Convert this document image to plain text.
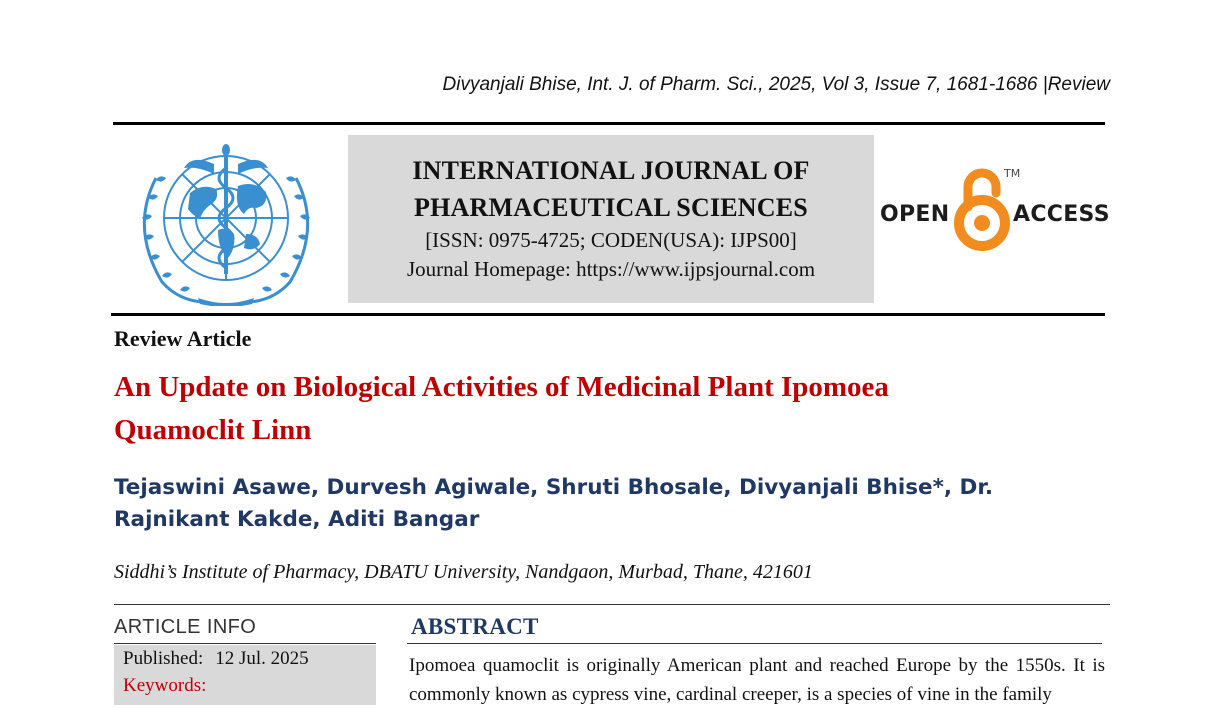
Divyanjali Bhise, Int. J. of Pharm. Sci., 2025, Vol 3, Issue 7, 1681-1686 |Review
INTERNATIONAL JOURNAL OF
PHARMACEUTICAL SCIENCES
[ISSN: 0975-4725; CODEN(USA): IJPS00]
Journal Homepage: https://www.ijpsjournal.com
OPEN
TM
ACCESS
Review Article
An Update on Biological Activities of Medicinal Plant Ipomoea Quamoclit Linn
Tejaswini Asawe, Durvesh Agiwale, Shruti Bhosale, Divyanjali Bhise*, Dr. Rajnikant Kakde, Aditi Bangar
Siddhi’s Institute of Pharmacy, DBATU University, Nandgaon, Murbad, Thane, 421601
ARTICLE INFO
Published: 12 Jul. 2025
Keywords:
ABSTRACT
Ipomoea quamoclit is originally American plant and reached Europe by the 1550s. It is commonly known as cypress vine, cardinal creeper, is a species of vine in the family
